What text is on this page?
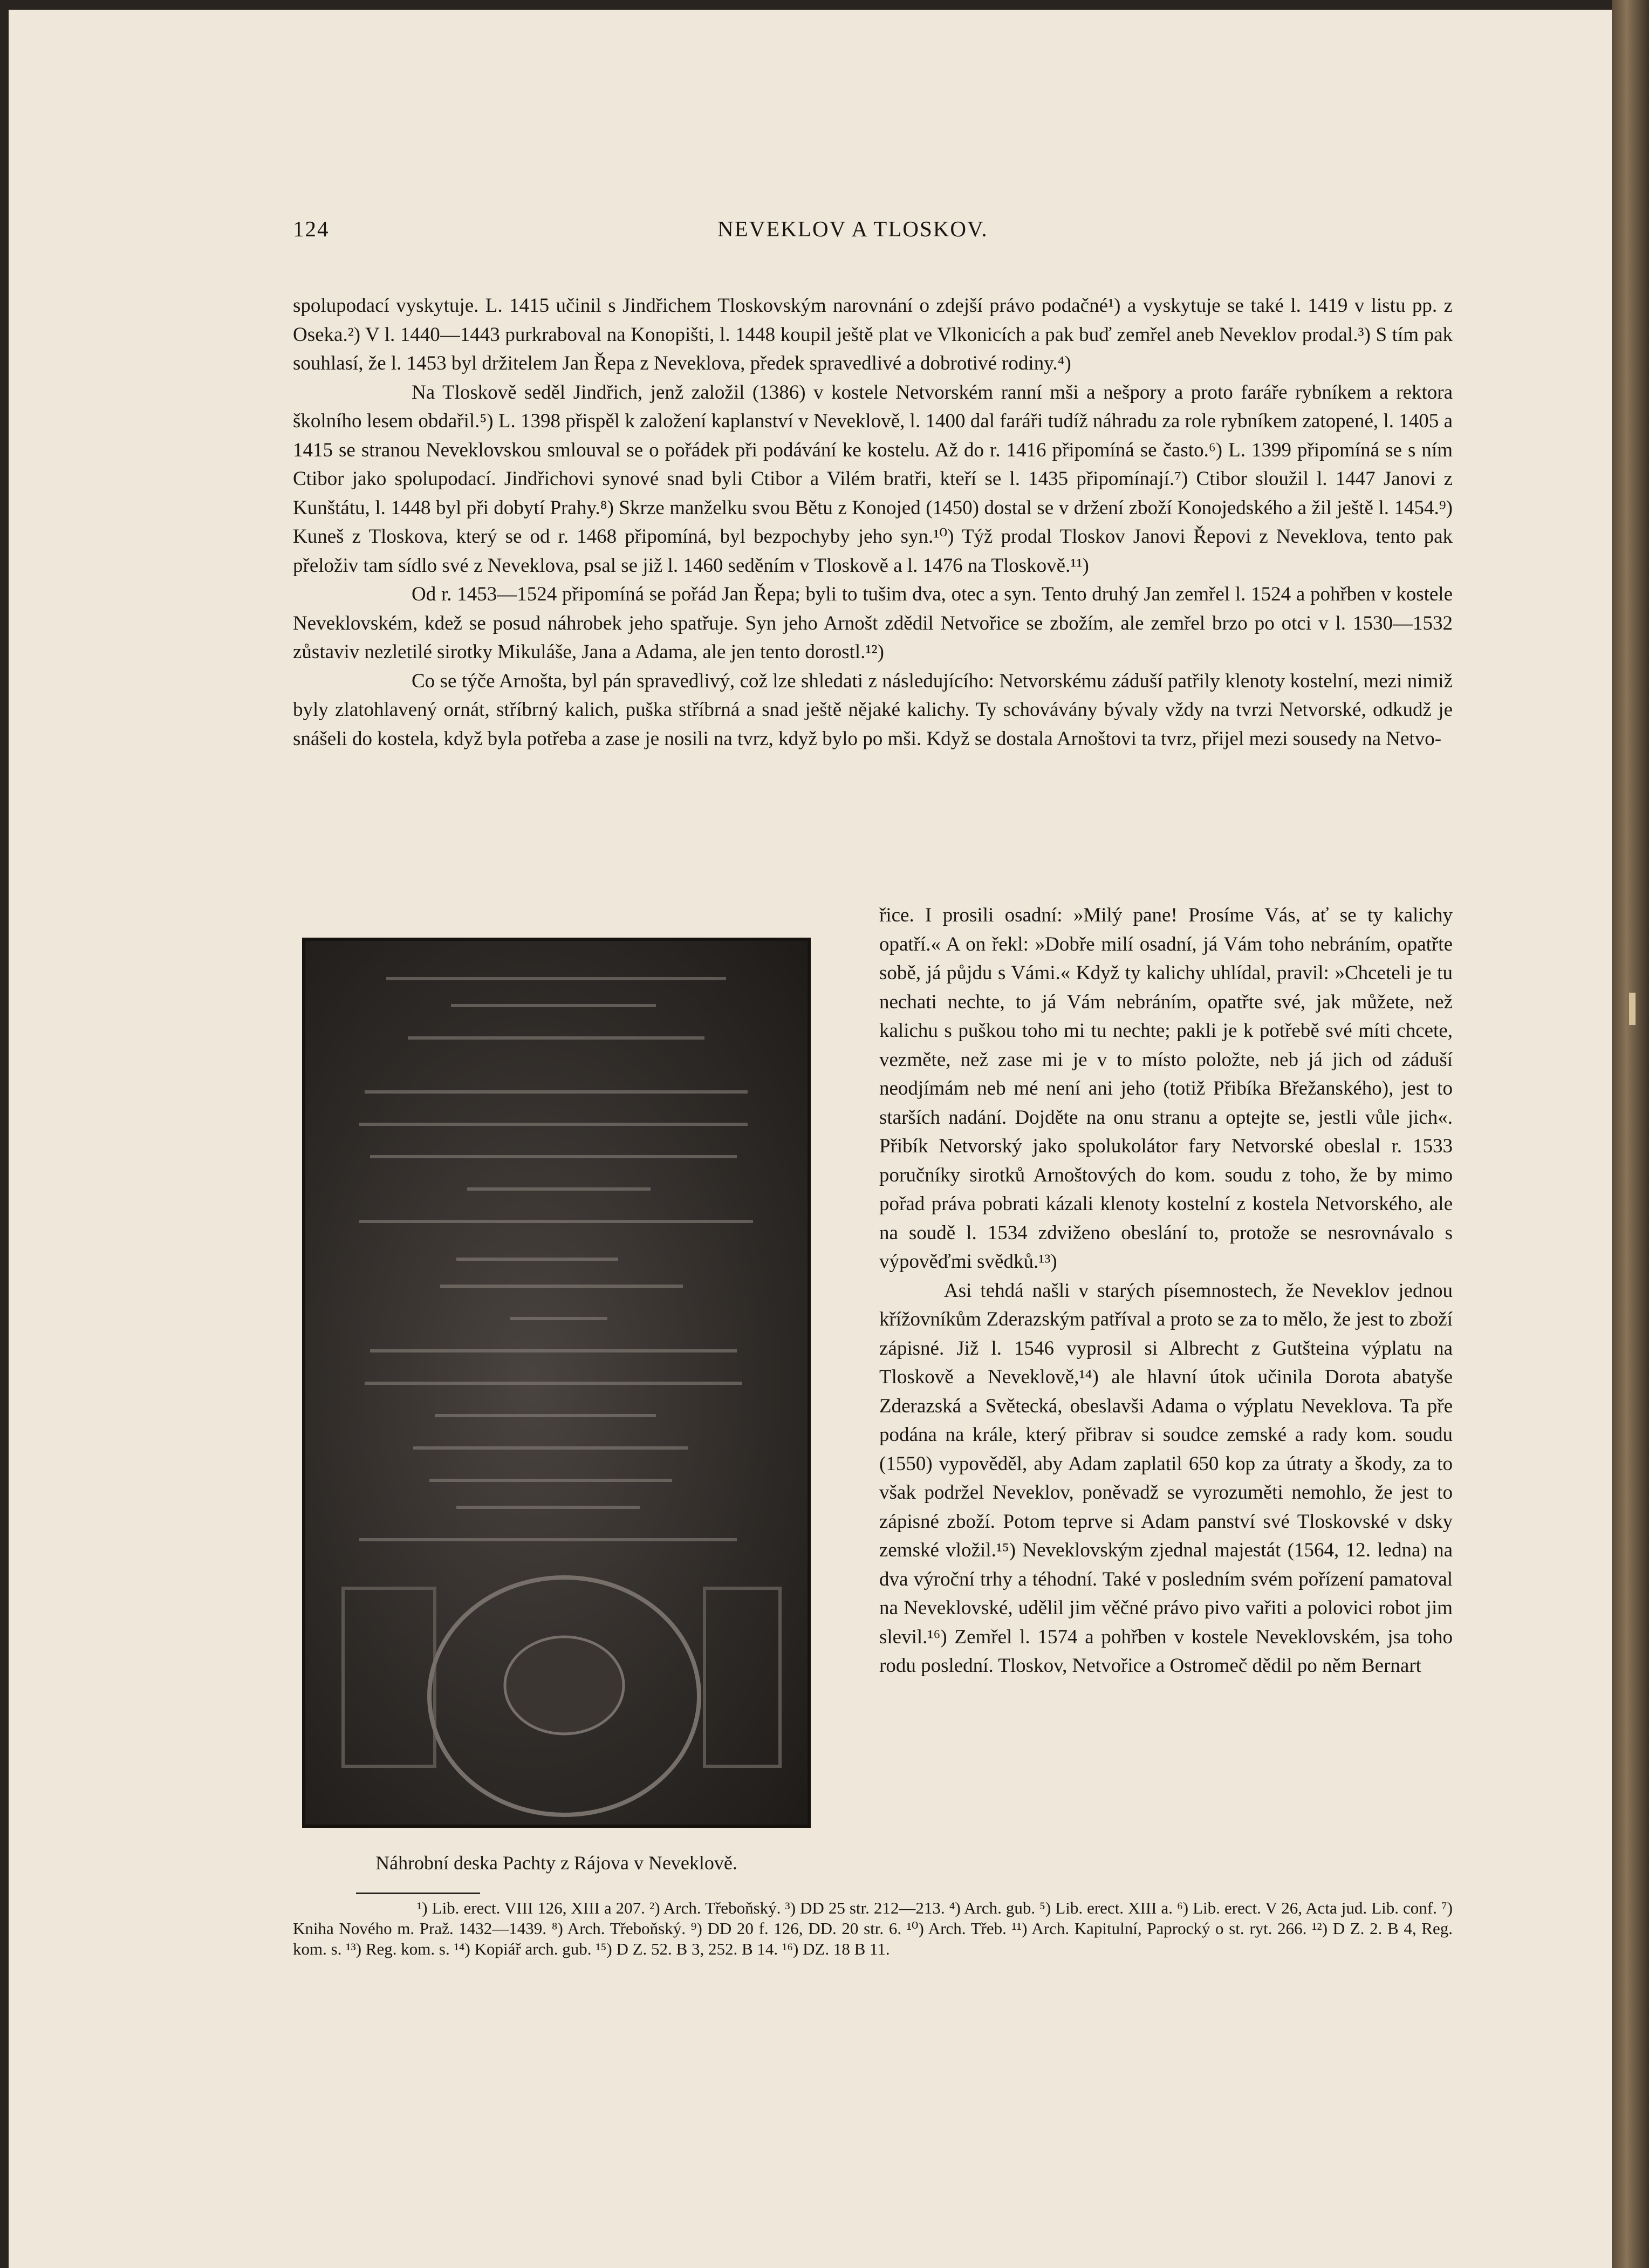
124	NEVEKLOV A TLOSKOV.

spolupodací vyskytuje. L. 1415 učinil s Jindřichem Tloskovským narovnání o zdejší právo podačné¹) a vyskytuje se také l. 1419 v listu pp. z Oseka.²) V l. 1440—1443 purkraboval na Konopišti, l. 1448 koupil ještě plat ve Vlkonicích a pak buď zemřel aneb Neveklov prodal.³) S tím pak souhlasí, že l. 1453 byl držitelem Jan Řepa z Neveklova, předek spravedlivé a dobrotivé rodiny.⁴)

Na Tloskově seděl Jindřich, jenž založil (1386) v kostele Netvorském ranní mši a nešpory a proto faráře rybníkem a rektora školního lesem obdařil.⁵) L. 1398 přispěl k založení kaplanství v Neveklově, l. 1400 dal faráři tudíž náhradu za role rybníkem zatopené, l. 1405 a 1415 se stranou Neveklovskou smlouval se o pořádek při podávání ke kostelu. Až do r. 1416 připomíná se často.⁶) L. 1399 připomíná se s ním Ctibor jako spolupodací. Jindřichovi synové snad byli Ctibor a Vilém bratři, kteří se l. 1435 připomínají.⁷) Ctibor sloužil l. 1447 Janovi z Kunštátu, l. 1448 byl při dobytí Prahy.⁸) Skrze manželku svou Bětu z Konojed (1450) dostal se v držení zboží Konojedského a žil ještě l. 1454.⁹) Kuneš z Tloskova, který se od r. 1468 připomíná, byl bezpochyby jeho syn.¹⁰) Týž prodal Tloskov Janovi Řepovi z Neveklova, tento pak přeloživ tam sídlo své z Neveklova, psal se již l. 1460 seděním v Tloskově a l. 1476 na Tloskově.¹¹)

Od r. 1453—1524 připomíná se pořád Jan Řepa; byli to tušim dva, otec a syn. Tento druhý Jan zemřel l. 1524 a pohřben v kostele Neveklovském, kdež se posud náhrobek jeho spatřuje. Syn jeho Arnošt zdědil Netvořice se zbožím, ale zemřel brzo po otci v l. 1530—1532 zůstaviv nezletilé sirotky Mikuláše, Jana a Adama, ale jen tento dorostl.¹²)

Co se týče Arnošta, byl pán spravedlivý, což lze shledati z následujícího: Netvorskému záduší patřily klenoty kostelní, mezi nimiž byly zlatohlavený ornát, stříbrný kalich, puška stříbrná a snad ještě nějaké kalichy. Ty schovávány bývaly vždy na tvrzi Netvorské, odkudž je snášeli do kostela, když byla potřeba a zase je nosili na tvrz, když bylo po mši. Když se dostala Arnoštovi ta tvrz, přijel mezi sousedy na Netvo-

Náhrobní deska Pachty z Rájova v Neveklově.

řice. I prosili osadní: »Milý pane! Prosíme Vás, ať se ty kalichy opatří.« A on řekl: »Dobře milí osadní, já Vám toho nebráním, opatřte sobě, já půjdu s Vámi.« Když ty kalichy uhlídal, pravil: »Chceteli je tu nechati nechte, to já Vám nebráním, opatřte své, jak můžete, než kalichu s puškou toho mi tu nechte; pakli je k potřebě své míti chcete, vezměte, než zase mi je v to místo položte, neb já jich od záduší neodjímám neb mé není ani jeho (totiž Přibíka Břežanského), jest to starších nadání. Dojděte na onu stranu a optejte se, jestli vůle jich«. Přibík Netvorský jako spolukolátor fary Netvorské obeslal r. 1533 poručníky sirotků Arnoštových do kom. soudu z toho, že by mimo pořad práva pobrati kázali klenoty kostelní z kostela Netvorského, ale na soudě l. 1534 zdviženo obeslání to, protože se nesrovnávalo s výpověďmi svědků.¹³)

Asi tehdá našli v starých písemnostech, že Neveklov jednou křížovníkům Zderazským patříval a proto se za to mělo, že jest to zboží zápisné. Již l. 1546 vyprosil si Albrecht z Gutšteina výplatu na Tloskově a Neveklově,¹⁴) ale hlavní útok učinila Dorota abatyše Zderazská a Světecká, obeslavši Adama o výplatu Neveklova. Ta pře podána na krále, který přibrav si soudce zemské a rady kom. soudu (1550) vypověděl, aby Adam zaplatil 650 kop za útraty a škody, za to však podržel Neveklov, poněvadž se vyrozuměti nemohlo, že jest to zápisné zboží. Potom teprve si Adam panství své Tloskovské v dsky zemské vložil.¹⁵) Neveklovským zjednal majestát (1564, 12. ledna) na dva výroční trhy a téhodní. Také v posledním svém pořízení pamatoval na Neveklovské, udělil jim věčné právo pivo vařiti a polovici robot jim slevil.¹⁶) Zemřel l. 1574 a pohřben v kostele Neveklovském, jsa toho rodu poslední. Tloskov, Netvořice a Ostromeč dědil po něm Bernart

¹) Lib. erect. VIII 126, XIII a 207. ²) Arch. Třeboňský. ³) DD 25 str. 212—213. ⁴) Arch. gub. ⁵) Lib. erect. XIII a. ⁶) Lib. erect. V 26, Acta jud. Lib. conf. ⁷) Kniha Nového m. Praž. 1432—1439. ⁸) Arch. Třeboňský. ⁹) DD 20 f. 126, DD. 20 str. 6. ¹⁰) Arch. Třeb. ¹¹) Arch. Kapitulní, Paprocký o st. ryt. 266. ¹²) D Z. 2. B 4, Reg. kom. s. ¹³) Reg. kom. s. ¹⁴) Kopiář arch. gub. ¹⁵) D Z. 52. B 3, 252. B 14. ¹⁶) DZ. 18 B 11.
